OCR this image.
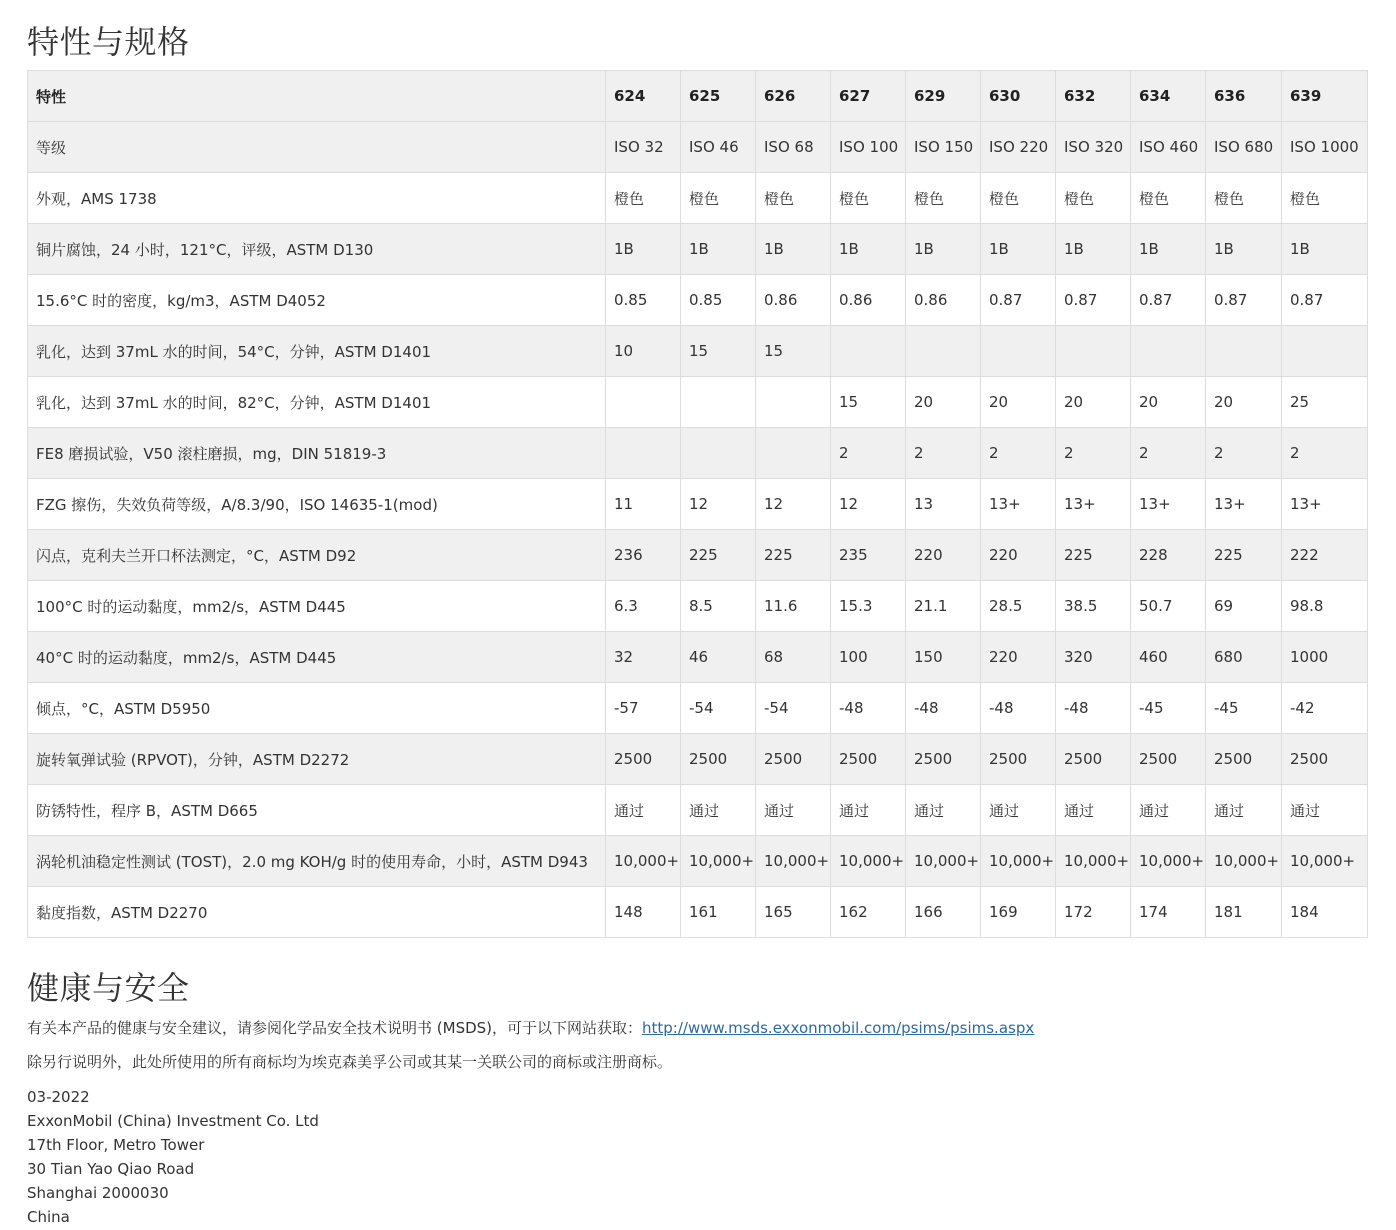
特性与规格
特性	624	625	626	627	629	630	632	634	636	639
等级	ISO 32	ISO 46	ISO 68	ISO 100	ISO 150	ISO 220	ISO 320	ISO 460	ISO 680	ISO 1000
外观，AMS 1738	橙色	橙色	橙色	橙色	橙色	橙色	橙色	橙色	橙色	橙色
铜片腐蚀，24 小时，121°C，评级，ASTM D130	1B	1B	1B	1B	1B	1B	1B	1B	1B	1B
15.6°C 时的密度，kg/m3，ASTM D4052	0.85	0.85	0.86	0.86	0.86	0.87	0.87	0.87	0.87	0.87
乳化，达到 37mL 水的时间，54°C，分钟，ASTM D1401	10	15	15							
乳化，达到 37mL 水的时间，82°C，分钟，ASTM D1401				15	20	20	20	20	20	25
FE8 磨损试验，V50 滚柱磨损，mg，DIN 51819-3				2	2	2	2	2	2	2
FZG 擦伤，失效负荷等级，A/8.3/90，ISO 14635-1(mod)	11	12	12	12	13	13+	13+	13+	13+	13+
闪点，克利夫兰开口杯法测定，°C，ASTM D92	236	225	225	235	220	220	225	228	225	222
100°C 时的运动黏度，mm2/s，ASTM D445	6.3	8.5	11.6	15.3	21.1	28.5	38.5	50.7	69	98.8
40°C 时的运动黏度，mm2/s，ASTM D445	32	46	68	100	150	220	320	460	680	1000
倾点，°C，ASTM D5950	-57	-54	-54	-48	-48	-48	-48	-45	-45	-42
旋转氧弹试验 (RPVOT)，分钟，ASTM D2272	2500	2500	2500	2500	2500	2500	2500	2500	2500	2500
防锈特性，程序 B，ASTM D665	通过	通过	通过	通过	通过	通过	通过	通过	通过	通过
涡轮机油稳定性测试 (TOST)，2.0 mg KOH/g 时的使用寿命，小时，ASTM D943	10,000+	10,000+	10,000+	10,000+	10,000+	10,000+	10,000+	10,000+	10,000+	10,000+
黏度指数，ASTM D2270	148	161	165	162	166	169	172	174	181	184
健康与安全
有关本产品的健康与安全建议，请参阅化学品安全技术说明书 (MSDS)，可于以下网站获取：http://www.msds.exxonmobil.com/psims/psims.aspx
除另行说明外，此处所使用的所有商标均为埃克森美孚公司或其某一关联公司的商标或注册商标。
03-2022
ExxonMobil (China) Investment Co. Ltd
17th Floor, Metro Tower
30 Tian Yao Qiao Road
Shanghai 2000030
China
